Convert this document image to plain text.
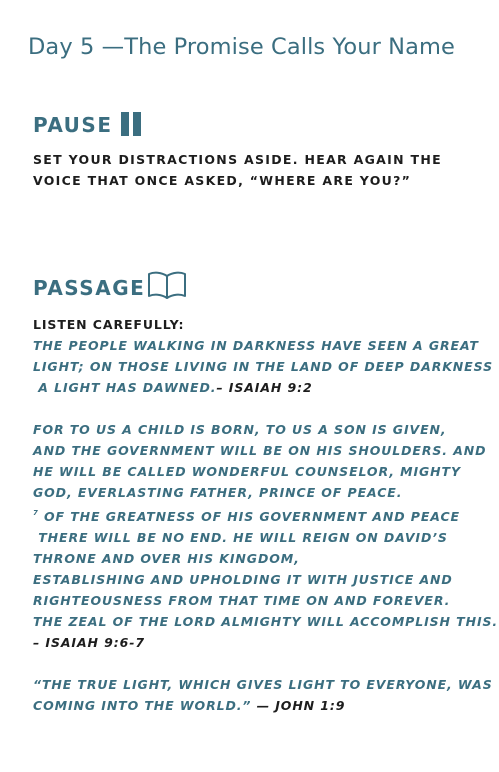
Day 5 —The Promise Calls Your Name
PAUSE
SET YOUR DISTRACTIONS ASIDE. HEAR AGAIN THE
VOICE THAT ONCE ASKED, “WHERE ARE YOU?”
PASSAGE
LISTEN CAREFULLY:
THE PEOPLE WALKING IN DARKNESS HAVE SEEN A GREAT
LIGHT; ON THOSE LIVING IN THE LAND OF DEEP DARKNESS
A LIGHT HAS DAWNED.– ISAIAH 9:2

FOR TO US A CHILD IS BORN, TO US A SON IS GIVEN,
AND THE GOVERNMENT WILL BE ON HIS SHOULDERS. AND
HE WILL BE CALLED WONDERFUL COUNSELOR, MIGHTY
GOD, EVERLASTING FATHER, PRINCE OF PEACE.
$^7$ OF THE GREATNESS OF HIS GOVERNMENT AND PEACE
THERE WILL BE NO END. HE WILL REIGN ON DAVID’S
THRONE AND OVER HIS KINGDOM,
ESTABLISHING AND UPHOLDING IT WITH JUSTICE AND
RIGHTEOUSNESS FROM THAT TIME ON AND FOREVER.
THE ZEAL OF THE LORD ALMIGHTY WILL ACCOMPLISH THIS.
– ISAIAH 9:6-7

“THE TRUE LIGHT, WHICH GIVES LIGHT TO EVERYONE, WAS
COMING INTO THE WORLD.” — JOHN 1:9
